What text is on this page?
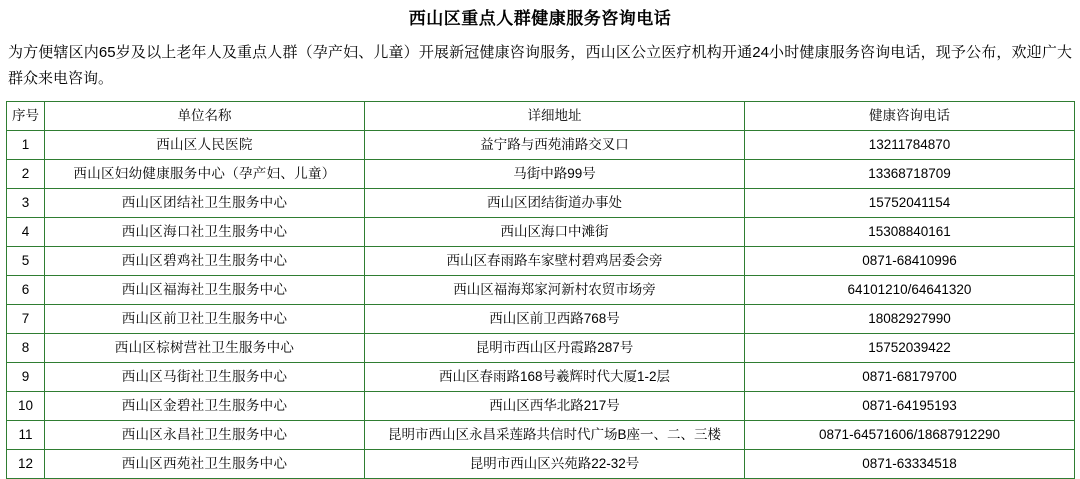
西山区重点人群健康服务咨询电话
为方便辖区内65岁及以上老年人及重点人群（孕产妇、儿童）开展新冠健康咨询服务，西山区公立医疗机构开通24小时健康服务咨询电话，现予公布，欢迎广大群众来电咨询。
序号	单位名称	详细地址	健康咨询电话
1	西山区人民医院	益宁路与西苑浦路交叉口	13211784870
2	西山区妇幼健康服务中心（孕产妇、儿童）	马街中路99号	13368718709
3	西山区团结社卫生服务中心	西山区团结街道办事处	15752041154
4	西山区海口社卫生服务中心	西山区海口中滩街	15308840161
5	西山区碧鸡社卫生服务中心	西山区春雨路车家壁村碧鸡居委会旁	0871-68410996
6	西山区福海社卫生服务中心	西山区福海郑家河新村农贸市场旁	64101210/64641320
7	西山区前卫社卫生服务中心	西山区前卫西路768号	18082927990
8	西山区棕树营社卫生服务中心	昆明市西山区丹霞路287号	15752039422
9	西山区马街社卫生服务中心	西山区春雨路168号羲辉时代大厦1-2层	0871-68179700
10	西山区金碧社卫生服务中心	西山区西华北路217号	0871-64195193
11	西山区永昌社卫生服务中心	昆明市西山区永昌采莲路共信时代广场B座一、二、三楼	0871-64571606/18687912290
12	西山区西苑社卫生服务中心	昆明市西山区兴苑路22-32号	0871-63334518
